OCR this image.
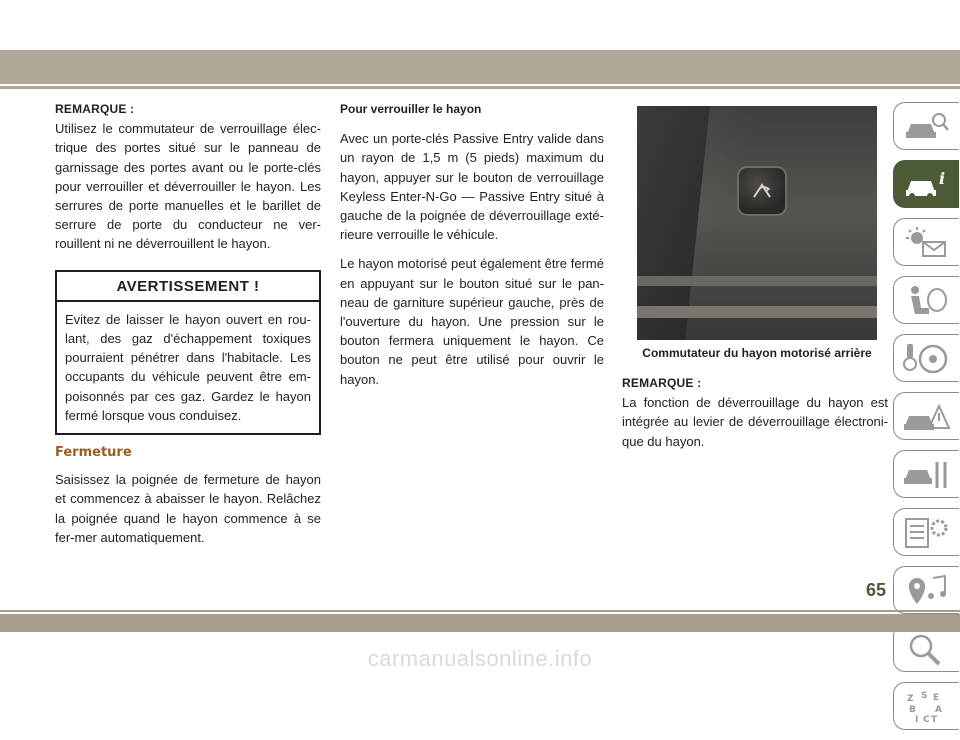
REMARQUE :

Utilisez le commutateur de verrouillage élec-trique des portes situé sur le panneau de garnissage des portes avant ou le porte-clés pour verrouiller et déverrouiller le hayon. Les serrures de porte manuelles et le barillet de serrure de porte du conducteur ne ver-rouillent ni ne déverrouillent le hayon.

AVERTISSEMENT !
Evitez de laisser le hayon ouvert en rou-lant, des gaz d'échappement toxiques pourraient pénétrer dans l'habitacle. Les occupants du véhicule peuvent être em-poisonnés par ces gaz. Gardez le hayon fermé lorsque vous conduisez.
Fermeture

Saisissez la poignée de fermeture de hayon et commencez à abaisser le hayon. Relâchez la poignée quand le hayon commence à se fer-mer automatiquement.

Pour verrouiller le hayon

Avec un porte-clés Passive Entry valide dans un rayon de 1,5 m (5 pieds) maximum du hayon, appuyer sur le bouton de verrouillage Keyless Enter-N-Go — Passive Entry situé à gauche de la poignée de déverrouillage exté-rieure verrouille le véhicule.

Le hayon motorisé peut également être fermé en appuyant sur le bouton situé sur le pan-neau de garniture supérieur gauche, près de l'ouverture du hayon. Une pression sur le bouton fermera uniquement le hayon. Ce bouton ne peut être utilisé pour ouvrir le hayon.

Commutateur du hayon motorisé arrière

REMARQUE :

La fonction de déverrouillage du hayon est intégrée au levier de déverrouillage électroni-que du hayon.

i
Z S E
B A
I C T
65
carmanualsonline.info
